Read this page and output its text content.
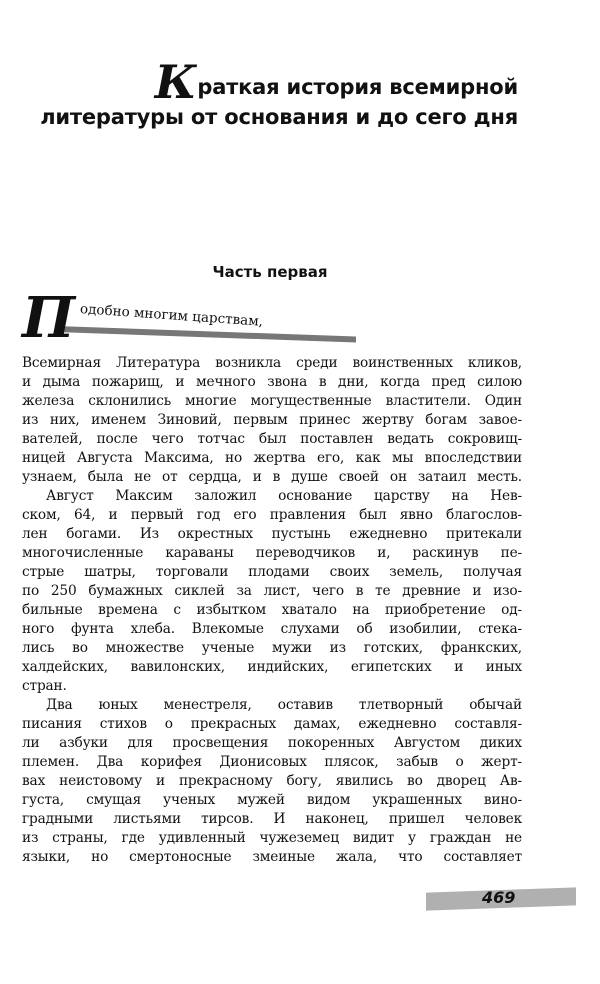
Краткая история всемирной
литературы от основания и до сего дня
Часть первая
П одобно многим царствам,
Всемирная Литература возникла среди воинственных кликов,
и дыма пожарищ, и мечного звона в дни, когда пред силою
железа склонились многие могущественные властители. Один
из них, именем Зиновий, первым принес жертву богам завое-
вателей, после чего тотчас был поставлен ведать сокровищ-
ницей Августа Максима, но жертва его, как мы впоследствии
узнаем, была не от сердца, и в душе своей он затаил месть.
Август Максим заложил основание царству на Нев-
ском, 64, и первый год его правления был явно благослов-
лен богами. Из окрестных пустынь ежедневно притекали
многочисленные караваны переводчиков и, раскинув пе-
стрые шатры, торговали плодами своих земель, получая
по 250 бумажных сиклей за лист, чего в те древние и изо-
бильные времена с избытком хватало на приобретение од-
ного фунта хлеба. Влекомые слухами об изобилии, стека-
лись во множестве ученые мужи из готских, франкских,
халдейских, вавилонских, индийских, египетских и иных
стран.
Два юных менестреля, оставив тлетворный обычай
писания стихов о прекрасных дамах, ежедневно составля-
ли азбуки для просвещения покоренных Августом диких
племен. Два корифея Дионисовых плясок, забыв о жерт-
вах неистовому и прекрасному богу, явились во дворец Ав-
густа, смущая ученых мужей видом украшенных вино-
градными листьями тирсов. И наконец, пришел человек
из страны, где удивленный чужеземец видит у граждан не
языки, но смертоносные змеиные жала, что составляет
469
